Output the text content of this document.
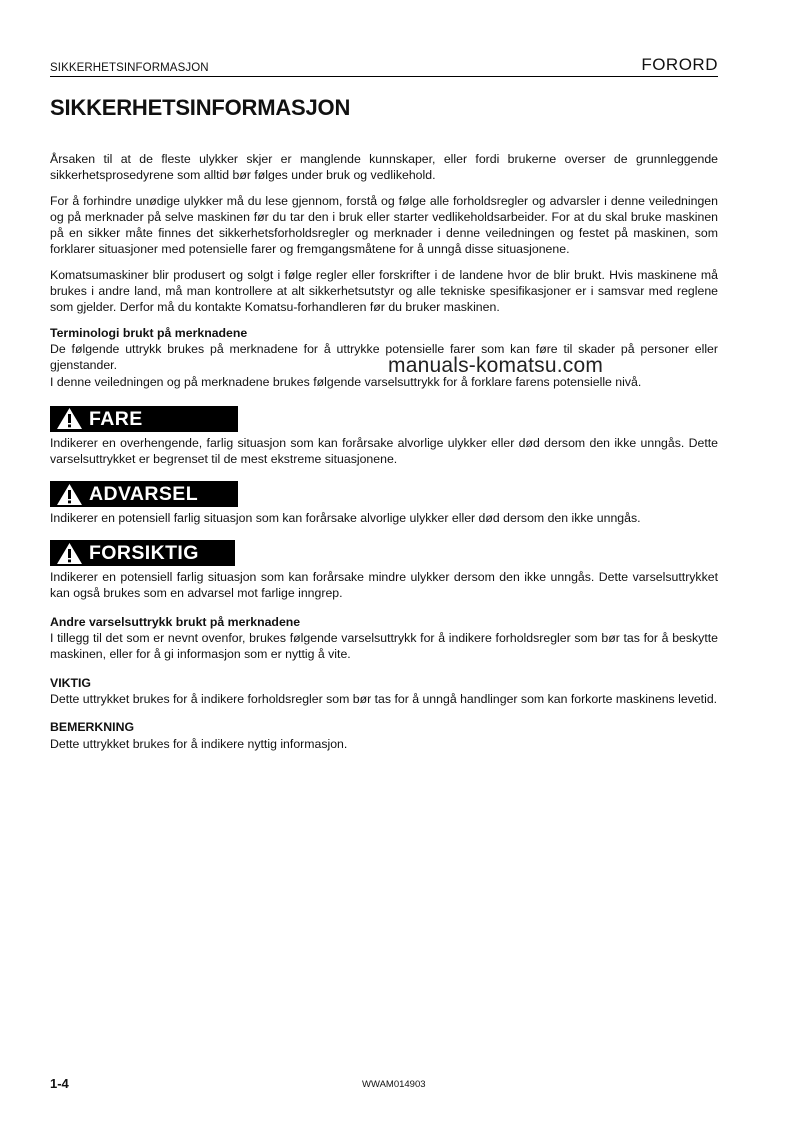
SIKKERHETSINFORMASJON	FORORD
SIKKERHETSINFORMASJON

Årsaken til at de fleste ulykker skjer er manglende kunnskaper, eller fordi brukerne overser de grunnleggende sikkerhetsprosedyrene som alltid bør følges under bruk og vedlikehold.

For å forhindre unødige ulykker må du lese gjennom, forstå og følge alle forholdsregler og advarsler i denne veiledningen og på merknader på selve maskinen før du tar den i bruk eller starter vedlikeholdsarbeider. For at du skal bruke maskinen på en sikker måte finnes det sikkerhetsforholdsregler og merknader i denne veiledningen og festet på maskinen, som forklarer situasjoner med potensielle farer og fremgangsmåtene for å unngå disse situasjonene.

Komatsumaskiner blir produsert og solgt i følge regler eller forskrifter i de landene hvor de blir brukt. Hvis maskinene må brukes i andre land, må man kontrollere at alt sikkerhetsutstyr og alle tekniske spesifikasjoner er i samsvar med reglene som gjelder. Derfor må du kontakte Komatsu-forhandleren før du bruker maskinen.

Terminologi brukt på merknadene

De følgende uttrykk brukes på merknadene for å uttrykke potensielle farer som kan føre til skader på personer eller gjenstander.

I denne veiledningen og på merknadene brukes følgende varselsuttrykk for å forklare farens potensielle nivå.

FARE

Indikerer en overhengende, farlig situasjon som kan forårsake alvorlige ulykker eller død dersom den ikke unngås. Dette varselsuttrykket er begrenset til de mest ekstreme situasjonene.

ADVARSEL

Indikerer en potensiell farlig situasjon som kan forårsake alvorlige ulykker eller død dersom den ikke unngås.

FORSIKTIG

Indikerer en potensiell farlig situasjon som kan forårsake mindre ulykker dersom den ikke unngås. Dette varselsuttrykket kan også brukes som en advarsel mot farlige inngrep.

Andre varselsuttrykk brukt på merknadene

I tillegg til det som er nevnt ovenfor, brukes følgende varselsuttrykk for å indikere forholdsregler som bør tas for å beskytte maskinen, eller for å gi informasjon som er nyttig å vite.

VIKTIG

Dette uttrykket brukes for å indikere forholdsregler som bør tas for å unngå handlinger som kan forkorte maskinens levetid.

BEMERKNING

Dette uttrykket brukes for å indikere nyttig informasjon.

manuals-komatsu.com
1-4	WWAM014903
